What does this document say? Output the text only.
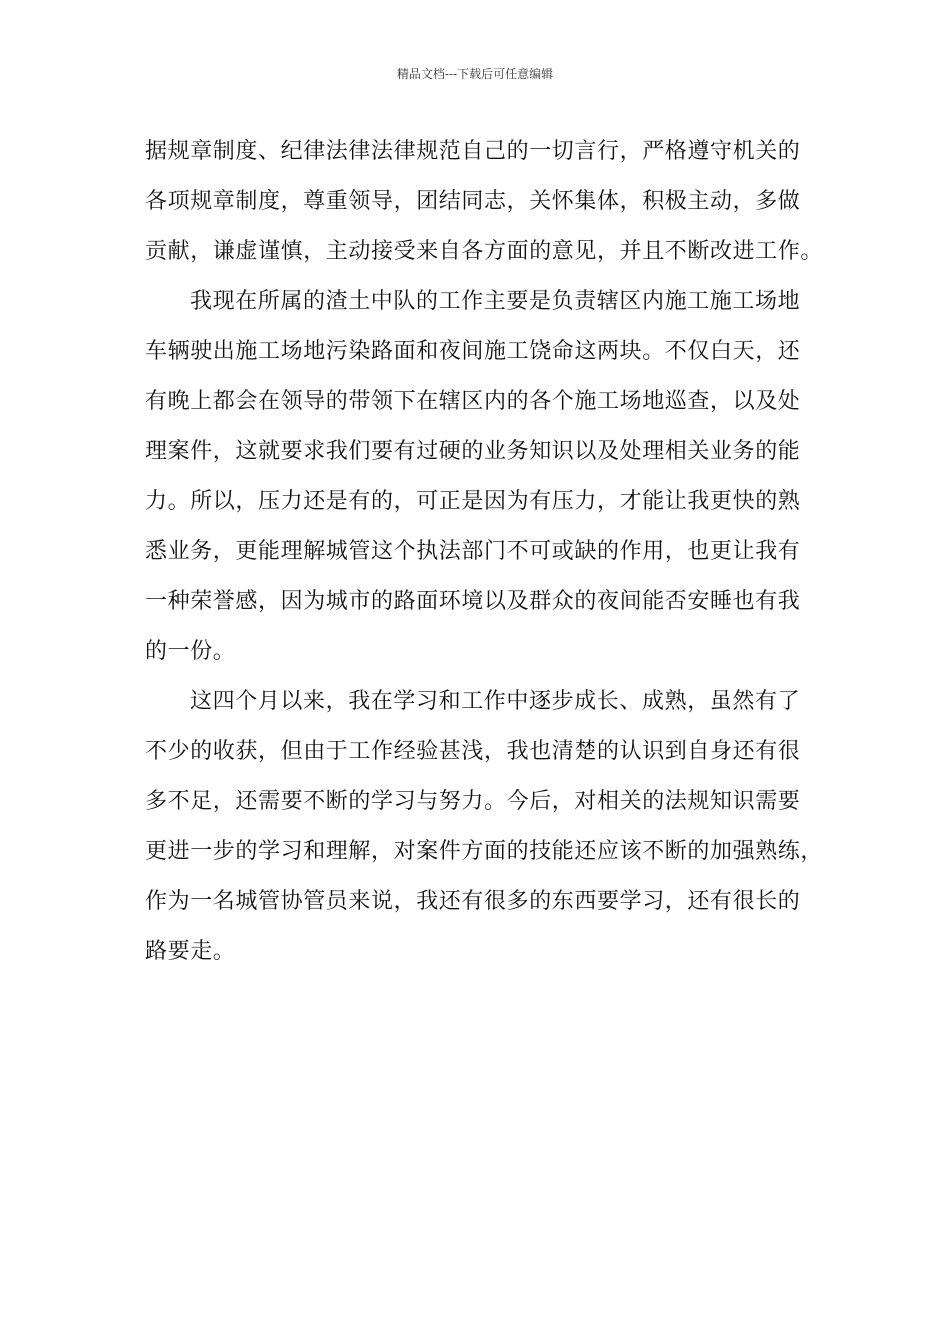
精品文档---下载后可任意编辑
据规章制度、纪律法律法律规范自己的一切言行，严格遵守机关的
各项规章制度，尊重领导，团结同志，关怀集体，积极主动，多做
贡献，谦虚谨慎，主动接受来自各方面的意见，并且不断改进工作。
我现在所属的渣土中队的工作主要是负责辖区内施工施工场地
车辆驶出施工场地污染路面和夜间施工饶命这两块。不仅白天，还
有晚上都会在领导的带领下在辖区内的各个施工场地巡查，以及处
理案件，这就要求我们要有过硬的业务知识以及处理相关业务的能
力。所以，压力还是有的，可正是因为有压力，才能让我更快的熟
悉业务，更能理解城管这个执法部门不可或缺的作用，也更让我有
一种荣誉感，因为城市的路面环境以及群众的夜间能否安睡也有我
的一份。
这四个月以来，我在学习和工作中逐步成长、成熟，虽然有了
不少的收获，但由于工作经验甚浅，我也清楚的认识到自身还有很
多不足，还需要不断的学习与努力。今后，对相关的法规知识需要
更进一步的学习和理解，对案件方面的技能还应该不断的加强熟练，
作为一名城管协管员来说，我还有很多的东西要学习，还有很长的
路要走。
